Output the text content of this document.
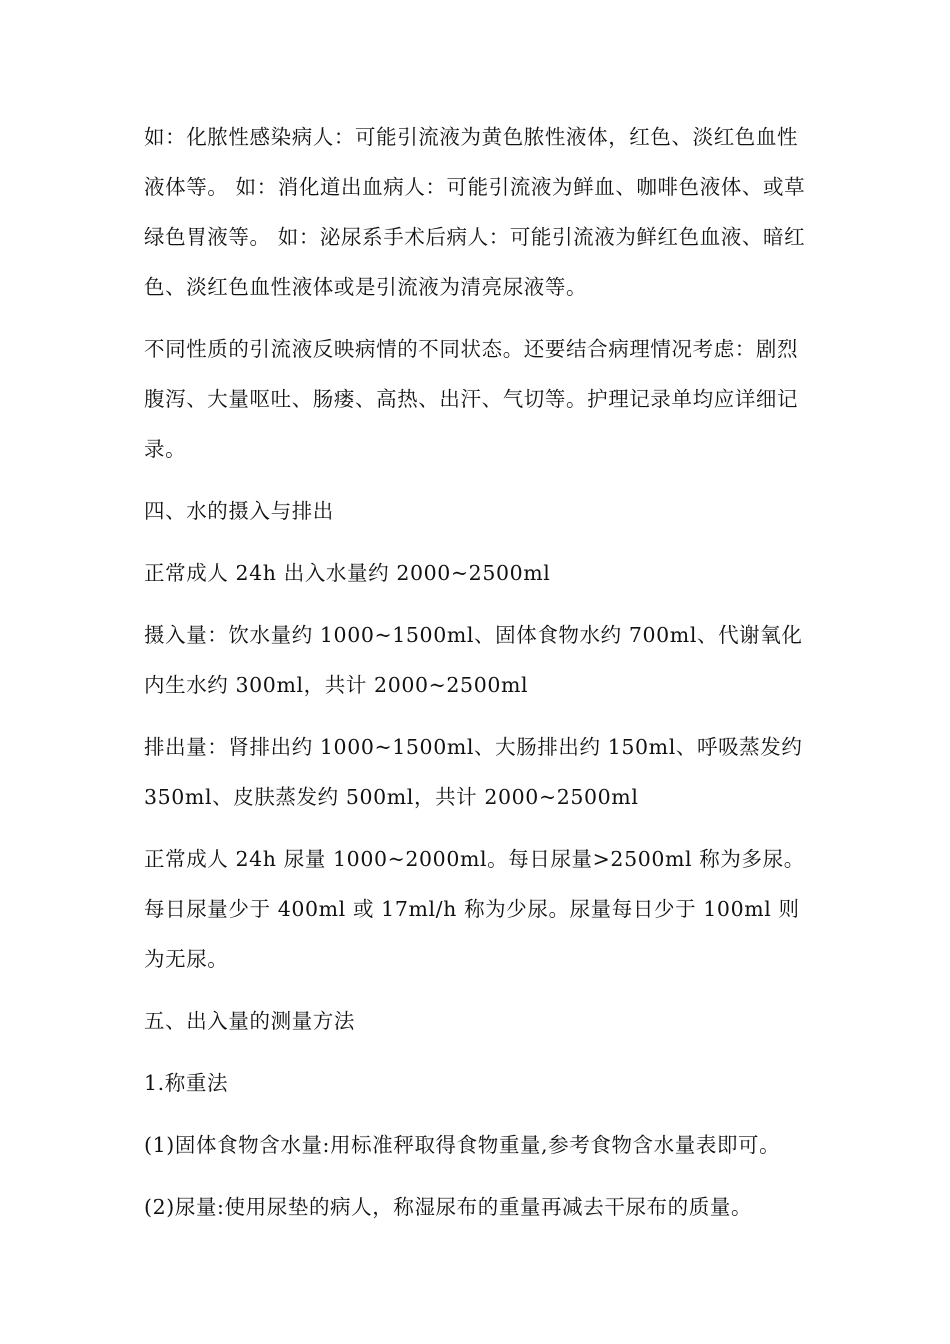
如：化脓性感染病人：可能引流液为黄色脓性液体，红色、淡红色血性液体等。 如：消化道出血病人：可能引流液为鲜血、咖啡色液体、或草绿色胃液等。 如：泌尿系手术后病人：可能引流液为鲜红色血液、暗红色、淡红色血性液体或是引流液为清亮尿液等。

不同性质的引流液反映病情的不同状态。还要结合病理情况考虑：剧烈腹泻、大量呕吐、肠瘘、高热、出汗、气切等。护理记录单均应详细记录。

四、水的摄入与排出

正常成人 24h 出入水量约 2000~2500ml

摄入量：饮水量约 1000~1500ml、固体食物水约 700ml、代谢氧化内生水约 300ml，共计 2000~2500ml

排出量：肾排出约 1000~1500ml、大肠排出约 150ml、呼吸蒸发约350ml、皮肤蒸发约 500ml，共计 2000~2500ml

正常成人 24h 尿量 1000~2000ml。每日尿量>2500ml 称为多尿。每日尿量少于 400ml 或 17ml/h 称为少尿。尿量每日少于 100ml 则为无尿。

五、出入量的测量方法

1.称重法

(1)固体食物含水量:用标准秤取得食物重量,参考食物含水量表即可。

(2)尿量:使用尿垫的病人，称湿尿布的重量再减去干尿布的质量。
